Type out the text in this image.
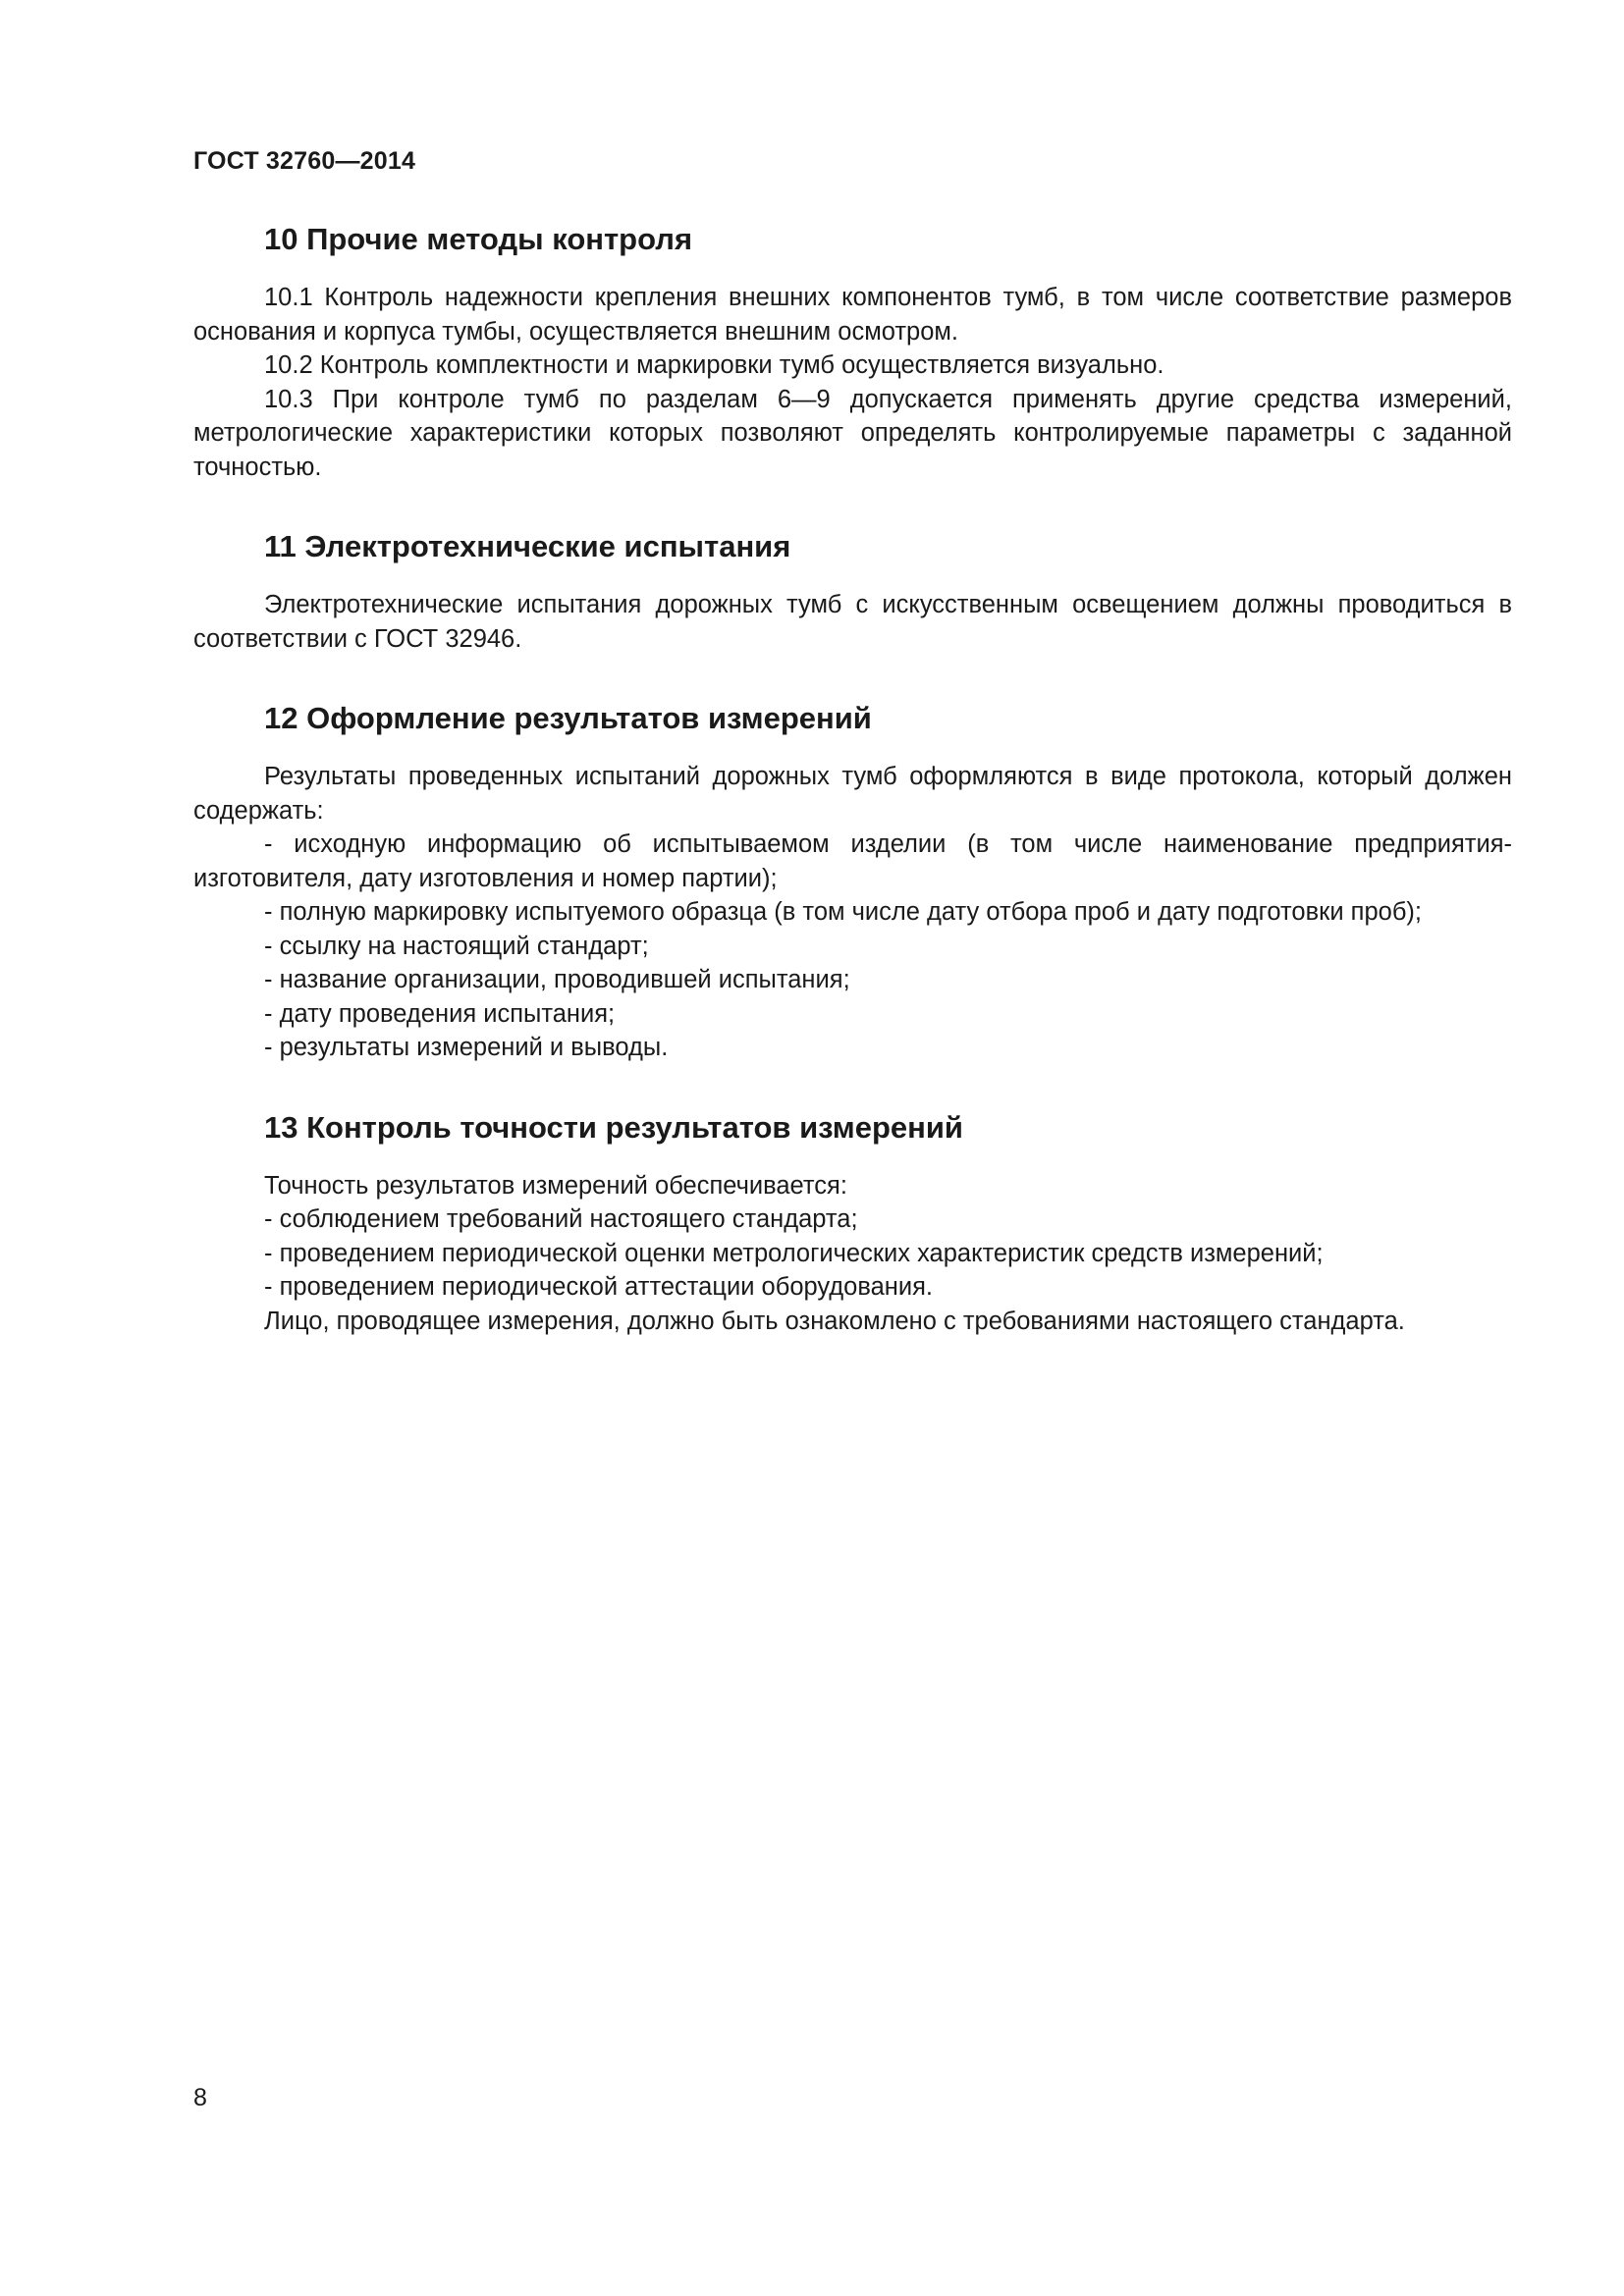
ГОСТ 32760—2014
10 Прочие методы контроля

10.1 Контроль надежности крепления внешних компонентов тумб, в том числе соответствие размеров основания и корпуса тумбы, осуществляется внешним осмотром.

10.2 Контроль комплектности и маркировки тумб осуществляется визуально.

10.3 При контроле тумб по разделам 6—9 допускается применять другие средства измерений, метрологические характеристики которых позволяют определять контролируемые параметры с заданной точностью.

11 Электротехнические испытания

Электротехнические испытания дорожных тумб с искусственным освещением должны проводиться в соответствии с ГОСТ 32946.

12 Оформление результатов измерений

Результаты проведенных испытаний дорожных тумб оформляются в виде протокола, который должен содержать:

- исходную информацию об испытываемом изделии (в том числе наименование предприятия-изготовителя, дату изготовления и номер партии);

- полную маркировку испытуемого образца (в том числе дату отбора проб и дату подготовки проб);

- ссылку на настоящий стандарт;

- название организации, проводившей испытания;

- дату проведения испытания;

- результаты измерений и выводы.

13 Контроль точности результатов измерений

Точность результатов измерений обеспечивается:

- соблюдением требований настоящего стандарта;

- проведением периодической оценки метрологических характеристик средств измерений;

- проведением периодической аттестации оборудования.

Лицо, проводящее измерения, должно быть ознакомлено с требованиями настоящего стандарта.

8
